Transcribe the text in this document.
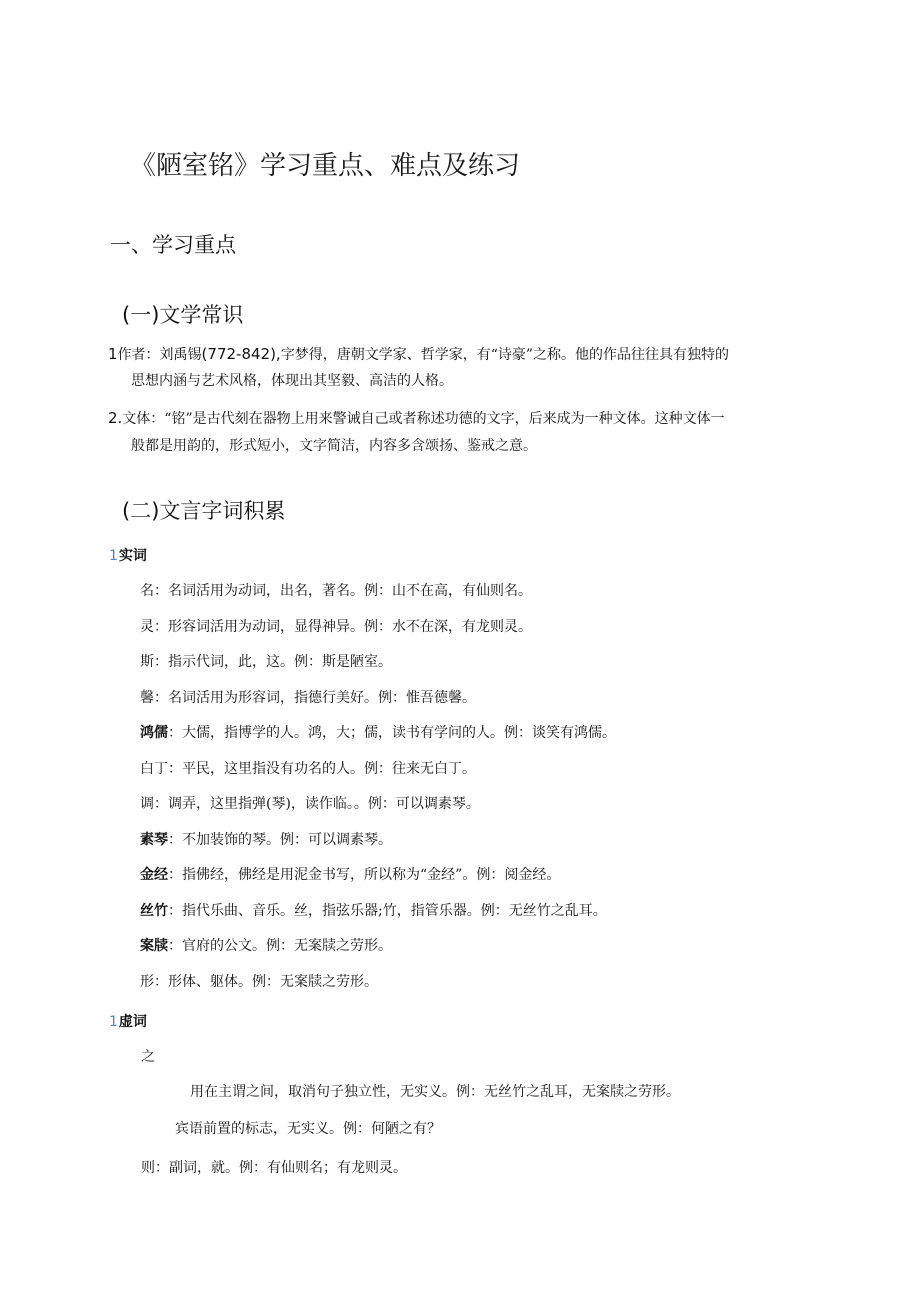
《陋室铭》学习重点、难点及练习
一、学习重点
(一)文学常识
1作者：刘禹锡(772-842),字梦得，唐朝文学家、哲学家，有“诗豪”之称。他的作品往往具有独特的
思想内涵与艺术风格，体现出其坚毅、高洁的人格。
2.文体：“铭”是古代刻在器物上用来警诫自己或者称述功德的文字，后来成为一种文体。这种文体一
般都是用韵的，形式短小，文字简洁，内容多含颂扬、鉴戒之意。
(二)文言字词积累
1实词
名：名词活用为动词，出名，著名。例：山不在高，有仙则名。
灵：形容词活用为动词，显得神异。例：水不在深，有龙则灵。
斯：指示代词，此，这。例：斯是陋室。
馨：名词活用为形容词，指德行美好。例：惟吾德馨。
鸿儒：大儒，指博学的人。鸿，大；儒，读书有学问的人。例：谈笑有鸿儒。
白丁：平民，这里指没有功名的人。例：往来无白丁。
调：调弄，这里指弹(琴)，读作临。。例：可以调素琴。
素琴：不加装饰的琴。例：可以调素琴。
金经：指佛经，佛经是用泥金书写，所以称为“金经”。例：阅金经。
丝竹：指代乐曲、音乐。丝，指弦乐器;竹，指管乐器。例：无丝竹之乱耳。
案牍：官府的公文。例：无案牍之劳形。
形：形体、躯体。例：无案牍之劳形。
1虚词
之
用在主谓之间，取消句子独立性，无实义。例：无丝竹之乱耳，无案牍之劳形。
宾语前置的标志，无实义。例：何陋之有？
则：副词，就。例：有仙则名；有龙则灵。
